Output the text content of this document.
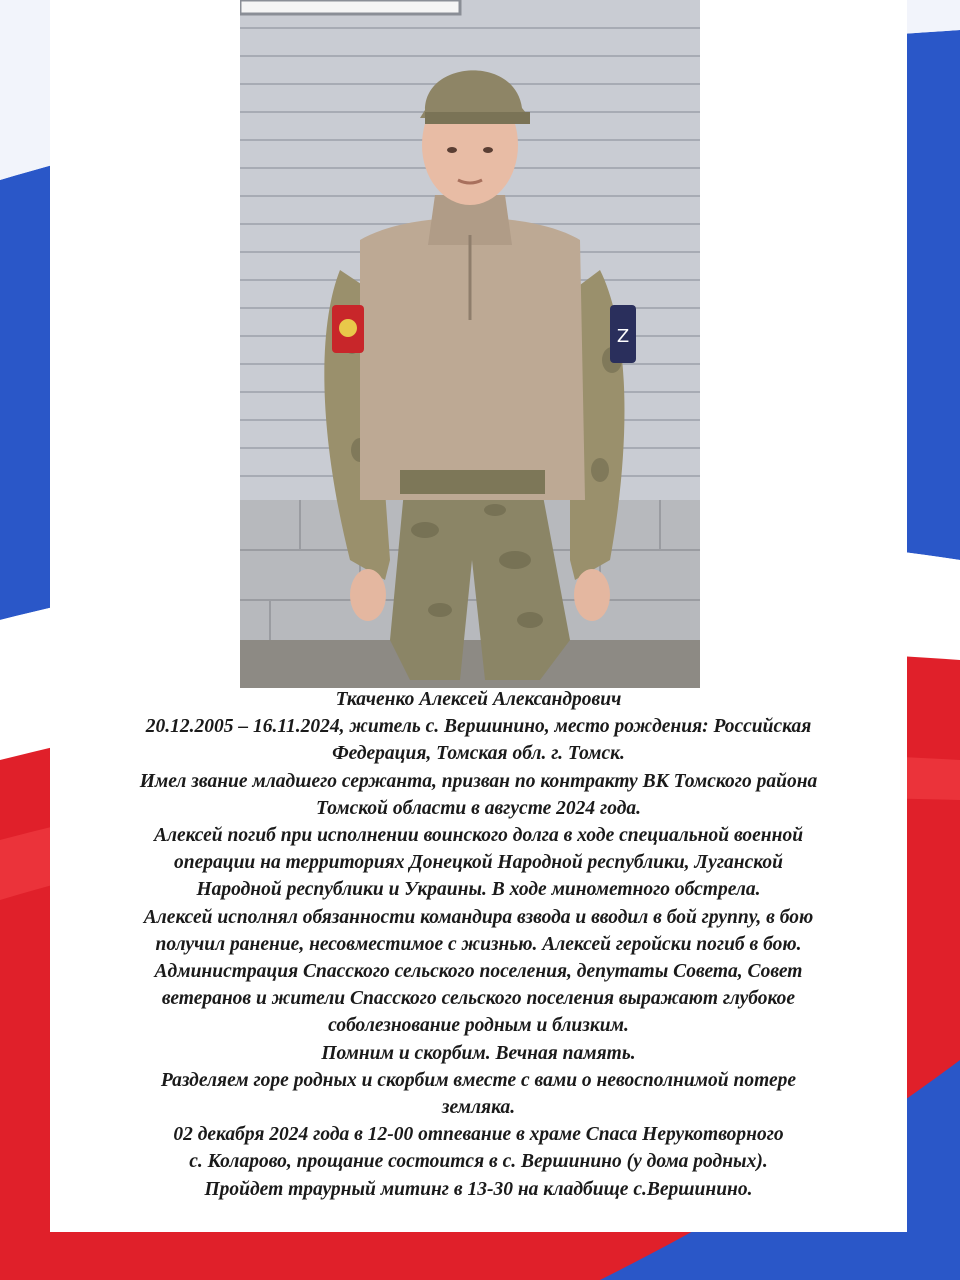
Z
Ткаченко Алексей Александрович
20.12.2005 – 16.11.2024, житель с. Вершинино, место рождения: Российская
Федерация, Томская обл. г. Томск.
Имел звание младшего сержанта, призван по контракту ВК Томского района
Томской области в августе 2024 года.
Алексей погиб при исполнении воинского долга в ходе специальной военной
операции на территориях Донецкой Народной республики, Луганской
Народной республики и Украины. В ходе минометного обстрела.
Алексей исполнял обязанности командира взвода и вводил в бой группу, в бою
получил ранение, несовместимое с жизнью. Алексей геройски погиб в бою.
Администрация Спасского сельского поселения, депутаты Совета, Совет
ветеранов и жители Спасского сельского поселения выражают глубокое
соболезнование родным и близким.
Помним и скорбим. Вечная память.
Разделяем горе родных и скорбим вместе с вами о невосполнимой потере
земляка.
02 декабря 2024 года в 12-00 отпевание в храме Спаса Нерукотворного
с. Коларово, прощание состоится в с. Вершинино (у дома родных).
Пройдет траурный митинг в 13-30 на кладбище с.Вершинино.
